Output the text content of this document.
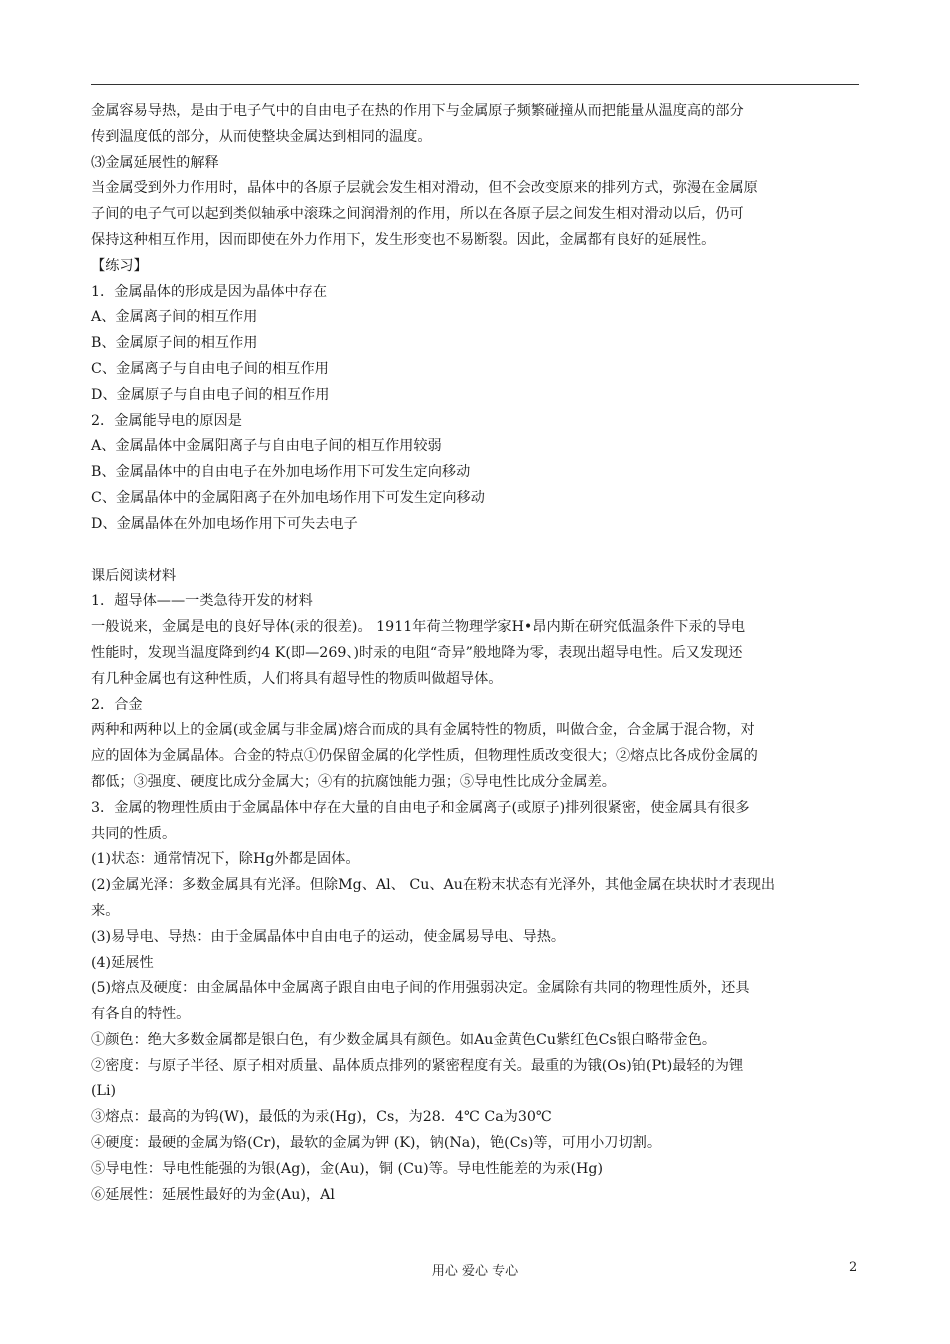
金属容易导热，是由于电子气中的自由电子在热的作用下与金属原子频繁碰撞从而把能量从温度高的部分
传到温度低的部分，从而使整块金属达到相同的温度。
⑶金属延展性的解释
当金属受到外力作用时，晶体中的各原子层就会发生相对滑动，但不会改变原来的排列方式，弥漫在金属原
子间的电子气可以起到类似轴承中滚珠之间润滑剂的作用，所以在各原子层之间发生相对滑动以后，仍可
保持这种相互作用，因而即使在外力作用下，发生形变也不易断裂。因此，金属都有良好的延展性。
【练习】
1．金属晶体的形成是因为晶体中存在
A、金属离子间的相互作用
B、金属原子间的相互作用
C、金属离子与自由电子间的相互作用
D、金属原子与自由电子间的相互作用
2．金属能导电的原因是
A、金属晶体中金属阳离子与自由电子间的相互作用较弱
B、金属晶体中的自由电子在外加电场作用下可发生定向移动
C、金属晶体中的金属阳离子在外加电场作用下可发生定向移动
D、金属晶体在外加电场作用下可失去电子
课后阅读材料
1．超导体——一类急待开发的材料
一般说来，金属是电的良好导体(汞的很差)。 1911年荷兰物理学家H•昂内斯在研究低温条件下汞的导电
性能时，发现当温度降到约4 K(即—269、)时汞的电阻“奇异”般地降为零，表现出超导电性。后又发现还
有几种金属也有这种性质，人们将具有超导性的物质叫做超导体。
2．合金
两种和两种以上的金属(或金属与非金属)熔合而成的具有金属特性的物质，叫做合金，合金属于混合物，对
应的固体为金属晶体。合金的特点①仍保留金属的化学性质，但物理性质改变很大；②熔点比各成份金属的
都低；③强度、硬度比成分金属大；④有的抗腐蚀能力强；⑤导电性比成分金属差。
3．金属的物理性质由于金属晶体中存在大量的自由电子和金属离子(或原子)排列很紧密，使金属具有很多
共同的性质。
(1)状态：通常情况下，除Hg外都是固体。
(2)金属光泽：多数金属具有光泽。但除Mg、Al、 Cu、Au在粉末状态有光泽外，其他金属在块状时才表现出
来。
(3)易导电、导热：由于金属晶体中自由电子的运动，使金属易导电、导热。
(4)延展性
(5)熔点及硬度：由金属晶体中金属离子跟自由电子间的作用强弱决定。金属除有共同的物理性质外，还具
有各自的特性。
①颜色：绝大多数金属都是银白色，有少数金属具有颜色。如Au金黄色Cu紫红色Cs银白略带金色。
②密度：与原子半径、原子相对质量、晶体质点排列的紧密程度有关。最重的为锇(Os)铂(Pt)最轻的为锂
(Li)
③熔点：最高的为钨(W)，最低的为汞(Hg)，Cs，为28．4℃ Ca为30℃
④硬度：最硬的金属为铬(Cr)，最软的金属为钾 (K)，钠(Na)，铯(Cs)等，可用小刀切割。
⑤导电性：导电性能强的为银(Ag)，金(Au)，铜 (Cu)等。导电性能差的为汞(Hg)
⑥延展性：延展性最好的为金(Au)，Al
用心 爱心 专心	2
